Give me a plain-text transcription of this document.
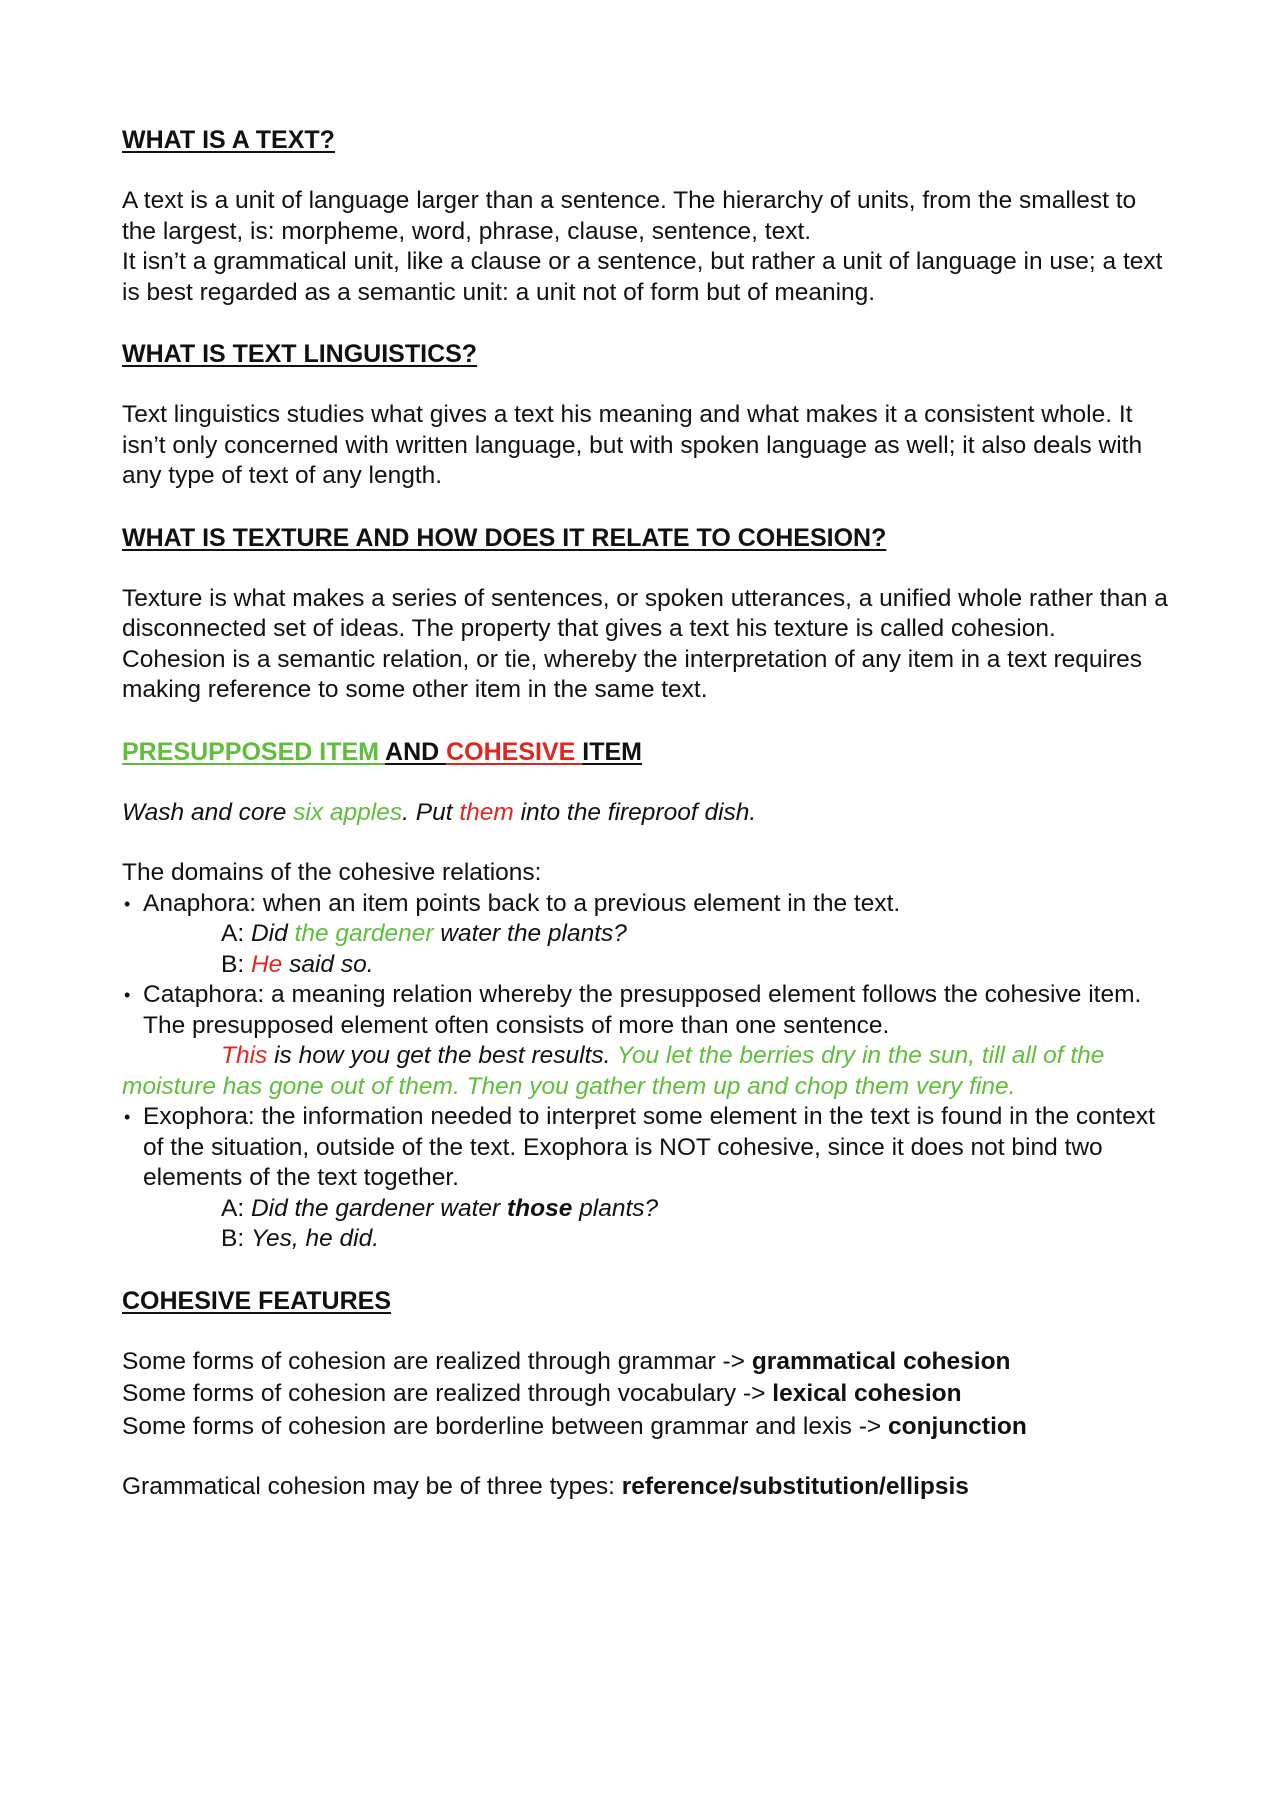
WHAT IS A TEXT?

A text is a unit of language larger than a sentence. The hierarchy of units, from the smallest to the largest, is: morpheme, word, phrase, clause, sentence, text.

It isn’t a grammatical unit, like a clause or a sentence, but rather a unit of language in use; a text is best regarded as a semantic unit: a unit not of form but of meaning.

WHAT IS TEXT LINGUISTICS?

Text linguistics studies what gives a text his meaning and what makes it a consistent whole. It isn’t only concerned with written language, but with spoken language as well; it also deals with any type of text of any length.

WHAT IS TEXTURE AND HOW DOES IT RELATE TO COHESION?

Texture is what makes a series of sentences, or spoken utterances, a unified whole rather than a disconnected set of ideas. The property that gives a text his texture is called cohesion.

Cohesion is a semantic relation, or tie, whereby the interpretation of any item in a text requires making reference to some other item in the same text.

PRESUPPOSED ITEM AND COHESIVE ITEM

Wash and core six apples. Put them into the fireproof dish.

The domains of the cohesive relations:

• Anaphora: when an item points back to a previous element in the text.
A: Did the gardener water the plants?
B: He said so.
• Cataphora: a meaning relation whereby the presupposed element follows the cohesive item. The presupposed element often consists of more than one sentence.
This is how you get the best results. You let the berries dry in the sun, till all of the moisture has gone out of them. Then you gather them up and chop them very fine.
• Exophora: the information needed to interpret some element in the text is found in the context of the situation, outside of the text. Exophora is NOT cohesive, since it does not bind two elements of the text together.
A: Did the gardener water those plants?
B: Yes, he did.
COHESIVE FEATURES

Some forms of cohesion are realized through grammar -> grammatical cohesion

Some forms of cohesion are realized through vocabulary -> lexical cohesion

Some forms of cohesion are borderline between grammar and lexis -> conjunction

Grammatical cohesion may be of three types: reference/substitution/ellipsis
